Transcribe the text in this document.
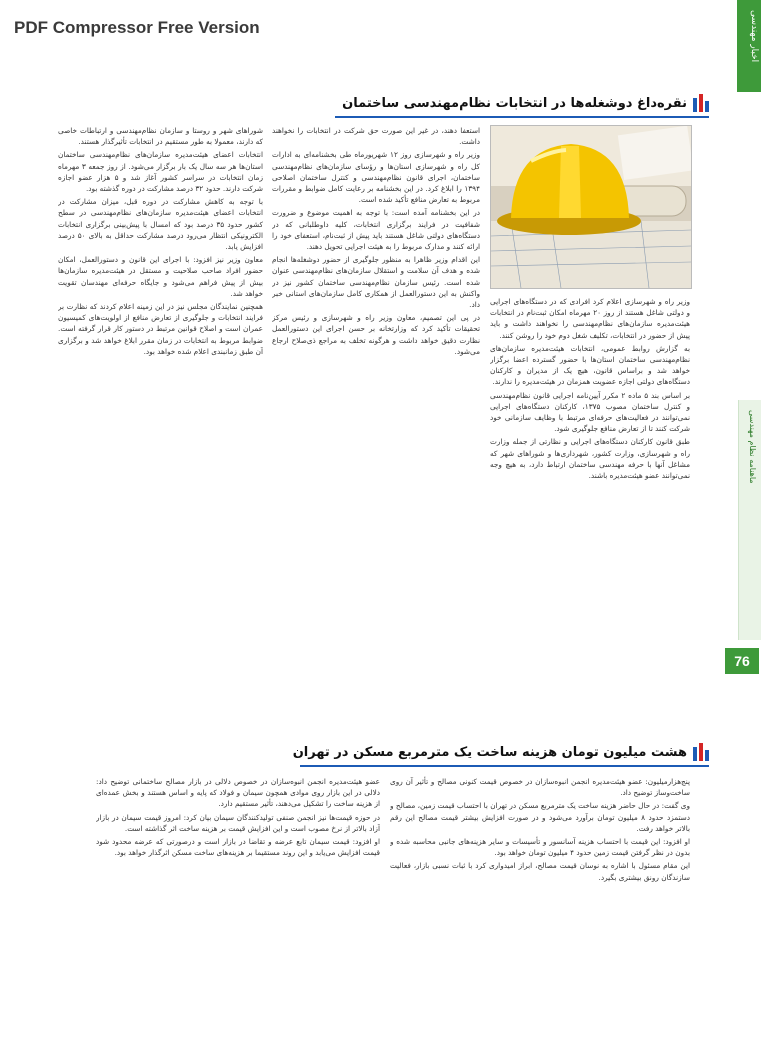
PDF Compressor Free Version	اخبار مهندسی
ماهنامه نظام مهندسی
76
نقره‌داغ دوشغله‌ها در انتخابات نظام‌مهندسی ساختمان

وزیر راه و شهرسازی اعلام کرد افرادی که در دستگاه‌های اجرایی و دولتی شاغل هستند از روز ۲۰ مهرماه امکان ثبت‌نام در انتخابات هیئت‌مدیره سازمان‌های نظام‌مهندسی را نخواهند داشت و باید پیش از حضور در انتخابات، تکلیف شغل دوم خود را روشن کنند.

به گزارش روابط عمومی، انتخابات هیئت‌مدیره سازمان‌های نظام‌مهندسی ساختمان استان‌ها با حضور گسترده اعضا برگزار خواهد شد و براساس قانون، هیچ یک از مدیران و کارکنان دستگاه‌های دولتی اجازه عضویت همزمان در هیئت‌مدیره را ندارند.

بر اساس بند ۵ ماده ۲ مکرر آیین‌نامه اجرایی قانون نظام‌مهندسی و کنترل ساختمان مصوب ۱۳۷۵، کارکنان دستگاه‌های اجرایی نمی‌توانند در فعالیت‌های حرفه‌ای مرتبط با وظایف سازمانی خود شرکت کنند تا از تعارض منافع جلوگیری شود.

طبق قانون کارکنان دستگاه‌های اجرایی و نظارتی از جمله وزارت راه و شهرسازی، وزارت کشور، شهرداری‌ها و شوراهای شهر که مشاغل آنها با حرفه مهندسی ساختمان ارتباط دارد، به هیچ وجه نمی‌توانند عضو هیئت‌مدیره باشند.

استعفا دهند، در غیر این صورت حق شرکت در انتخابات را نخواهند داشت.

وزیر راه و شهرسازی روز ۱۲ شهریورماه طی بخشنامه‌ای به ادارات کل راه و شهرسازی استان‌ها و رؤسای سازمان‌های نظام‌مهندسی ساختمان، اجرای قانون نظام‌مهندسی و کنترل ساختمان اصلاحی ۱۳۹۴ را ابلاغ کرد. در این بخشنامه بر رعایت کامل ضوابط و مقررات مربوط به تعارض منافع تأکید شده است.

در این بخشنامه آمده است: با توجه به اهمیت موضوع و ضرورت شفافیت در فرایند برگزاری انتخابات، کلیه داوطلبانی که در دستگاه‌های دولتی شاغل هستند باید پیش از ثبت‌نام، استعفای خود را ارائه کنند و مدارک مربوط را به هیئت اجرایی تحویل دهند.

این اقدام وزیر ظاهرا به منظور جلوگیری از حضور دوشغله‌ها انجام شده و هدف آن سلامت و استقلال سازمان‌های نظام‌مهندسی عنوان شده است. رئیس سازمان نظام‌مهندسی ساختمان کشور نیز در واکنش به این دستورالعمل از همکاری کامل سازمان‌های استانی خبر داد.

در پی این تصمیم، معاون وزیر راه و شهرسازی و رئیس مرکز تحقیقات تأکید کرد که وزارتخانه بر حسن اجرای این دستورالعمل نظارت دقیق خواهد داشت و هرگونه تخلف به مراجع ذی‌صلاح ارجاع می‌شود.

شوراهای شهر و روستا و سازمان نظام‌مهندسی و ارتباطات خاصی که دارند، معمولا به طور مستقیم در انتخابات تأثیرگذار هستند.

انتخابات اعضای هیئت‌مدیره سازمان‌های نظام‌مهندسی ساختمان استان‌ها هر سه سال یک بار برگزار می‌شود. از روز جمعه ۳ مهرماه زمان انتخابات در سراسر کشور آغاز شد و ۵ هزار عضو اجازه شرکت دارند. حدود ۳۲ درصد مشارکت در دوره گذشته بود.

با توجه به کاهش مشارکت در دوره قبل، میزان مشارکت در انتخابات اعضای هیئت‌مدیره سازمان‌های نظام‌مهندسی در سطح کشور حدود ۳۵ درصد بود که امسال با پیش‌بینی برگزاری انتخابات الکترونیکی انتظار می‌رود درصد مشارکت حداقل به بالای ۵۰ درصد افزایش یابد.

معاون وزیر نیز افزود: با اجرای این قانون و دستورالعمل، امکان حضور افراد صاحب صلاحیت و مستقل در هیئت‌مدیره سازمان‌ها بیش از پیش فراهم می‌شود و جایگاه حرفه‌ای مهندسان تقویت خواهد شد.

همچنین نمایندگان مجلس نیز در این زمینه اعلام کردند که نظارت بر فرایند انتخابات و جلوگیری از تعارض منافع از اولویت‌های کمیسیون عمران است و اصلاح قوانین مرتبط در دستور کار قرار گرفته است. ضوابط مربوط به انتخابات در زمان مقرر ابلاغ خواهد شد و برگزاری آن طبق زمانبندی اعلام شده خواهد بود.

هشت میلیون تومان هزینه ساخت یک مترمربع مسکن در تهران

پنج‌هزارمیلیون: عضو هیئت‌مدیره انجمن انبوه‌سازان در خصوص قیمت کنونی مصالح و تأثیر آن روی ساخت‌وساز توضیح داد.

وی گفت: در حال حاضر هزینه ساخت یک مترمربع مسکن در تهران با احتساب قیمت زمین، مصالح و دستمزد حدود ۸ میلیون تومان برآورد می‌شود و در صورت افزایش بیشتر قیمت مصالح این رقم بالاتر خواهد رفت.

او افزود: این قیمت با احتساب هزینه آسانسور و تأسیسات و سایر هزینه‌های جانبی محاسبه شده و بدون در نظر گرفتن قیمت زمین حدود ۴ میلیون تومان خواهد بود.

این مقام مسئول با اشاره به نوسان قیمت مصالح، ابراز امیدواری کرد با ثبات نسبی بازار، فعالیت سازندگان رونق بیشتری بگیرد.

عضو هیئت‌مدیره انجمن انبوه‌سازان در خصوص دلالی در بازار مصالح ساختمانی توضیح داد: دلالی در این بازار روی موادی همچون سیمان و فولاد که پایه و اساس هستند و بخش عمده‌ای از هزینه ساخت را تشکیل می‌دهند، تأثیر مستقیم دارد.

در حوزه قیمت‌ها نیز انجمن صنفی تولیدکنندگان سیمان بیان کرد: امروز قیمت سیمان در بازار آزاد بالاتر از نرخ مصوب است و این افزایش قیمت بر هزینه ساخت اثر گذاشته است.

او افزود: قیمت سیمان تابع عرضه و تقاضا در بازار است و درصورتی که عرضه محدود شود قیمت افزایش می‌یابد و این روند مستقیما بر هزینه‌های ساخت مسکن اثرگذار خواهد بود.
